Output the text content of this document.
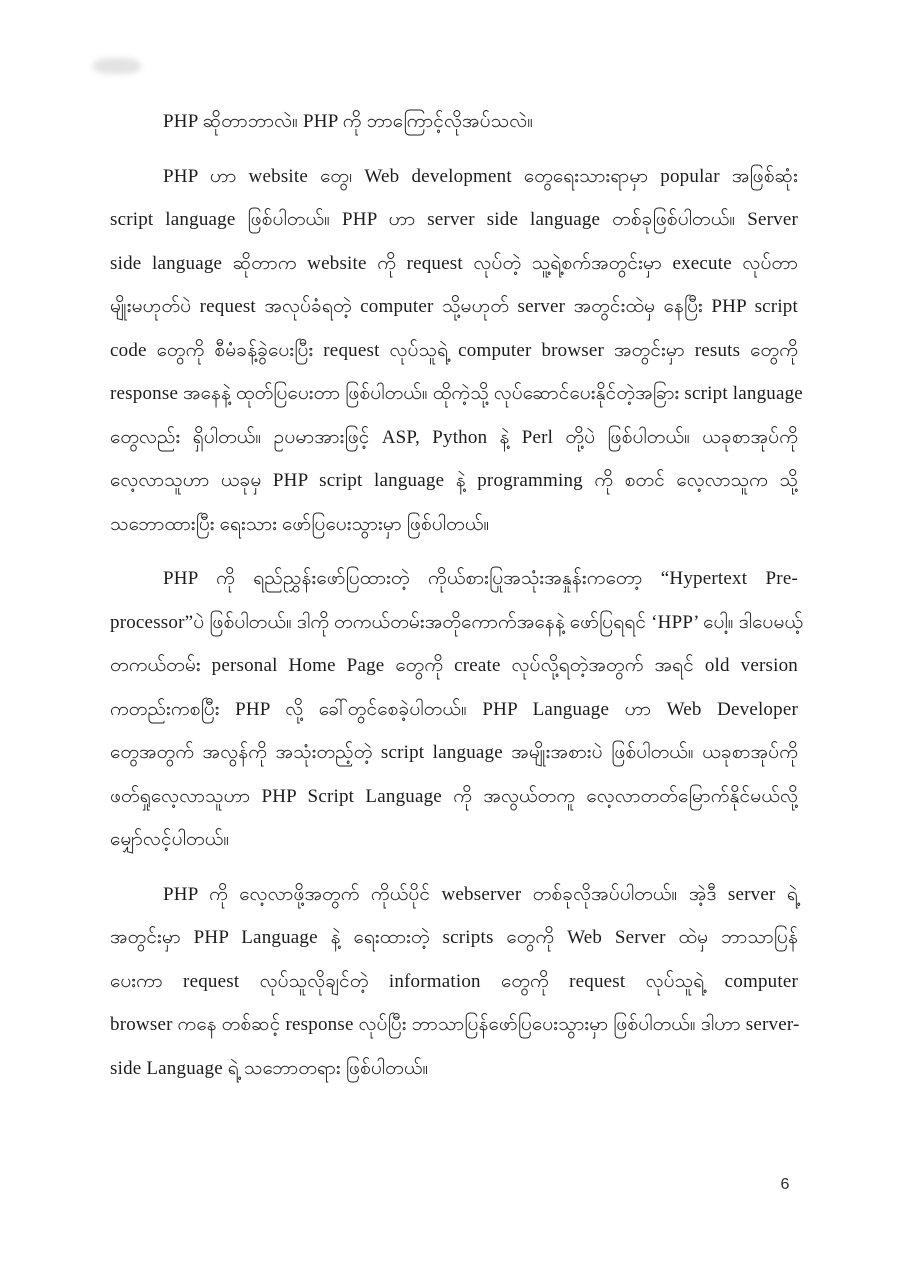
PHP ဆိုတာဘာလဲ။ PHP ကို ဘာကြောင့်လိုအပ်သလဲ။
PHP ဟာ website တွေ၊ Web development တွေရေးသားရာမှာ popular အဖြစ်ဆုံး
script language ဖြစ်ပါတယ်။ PHP ဟာ server side language တစ်ခုဖြစ်ပါတယ်။ Server
side language ဆိုတာက website ကို request လုပ်တဲ့ သူ့ရဲ့စက်အတွင်းမှာ execute လုပ်တာ
မျိုးမဟုတ်ပဲ request အလုပ်ခံရတဲ့ computer သို့မဟုတ် server အတွင်းထဲမှ နေပြီး PHP script
code တွေကို စီမံခန့်ခွဲပေးပြီး request လုပ်သူရဲ့ computer browser အတွင်းမှာ resuts တွေကို
response အနေနဲ့ ထုတ်ပြပေးတာ ဖြစ်ပါတယ်။ ထိုကဲ့သို့ လုပ်ဆောင်ပေးနိုင်တဲ့အခြား script language
တွေလည်း ရှိပါတယ်။ ဥပမာအားဖြင့် ASP, Python နဲ့ Perl တို့ပဲ ဖြစ်ပါတယ်။ ယခုစာအုပ်ကို
လေ့လာသူဟာ ယခုမှ PHP script language နဲ့ programming ကို စတင် လေ့လာသူက သို့
သဘောထားပြီး ရေးသား ဖော်ပြပေးသွားမှာ ဖြစ်ပါတယ်။
PHP ကို ရည်ညွှန်းဖော်ပြထားတဲ့ ကိုယ်စားပြုအသုံးအနှုန်းကတော့ “Hypertext Pre-
processor”ပဲ ဖြစ်ပါတယ်။ ဒါကို တကယ်တမ်းအတိုကောက်အနေနဲ့ ဖော်ပြရရင် ‘HPP’ ပေါ့။ ဒါပေမယ့်
တကယ်တမ်း personal Home Page တွေကို create လုပ်လို့ရတဲ့အတွက် အရင် old version
ကတည်းကစပြီး PHP လို့ ခေါ်တွင်စေခဲ့ပါတယ်။ PHP Language ဟာ Web Developer
တွေအတွက် အလွန်ကို အသုံးတည့်တဲ့ script language အမျိုးအစားပဲ ဖြစ်ပါတယ်။ ယခုစာအုပ်ကို
ဖတ်ရှုလေ့လာသူဟာ PHP Script Language ကို အလွယ်တကူ လေ့လာတတ်မြောက်နိုင်မယ်လို့
မျှော်လင့်ပါတယ်။
PHP ကို လေ့လာဖို့အတွက် ကိုယ်ပိုင် webserver တစ်ခုလိုအပ်ပါတယ်။ အဲ့ဒီ server ရဲ့
အတွင်းမှာ PHP Language နဲ့ ရေးထားတဲ့ scripts တွေကို Web Server ထဲမှ ဘာသာပြန်
ပေးကာ request လုပ်သူလိုချင်တဲ့ information တွေကို request လုပ်သူရဲ့ computer
browser ကနေ တစ်ဆင့် response လုပ်ပြီး ဘာသာပြန်ဖော်ပြပေးသွားမှာ ဖြစ်ပါတယ်။ ဒါဟာ server-
side Language ရဲ့ သဘောတရား ဖြစ်ပါတယ်။
6
